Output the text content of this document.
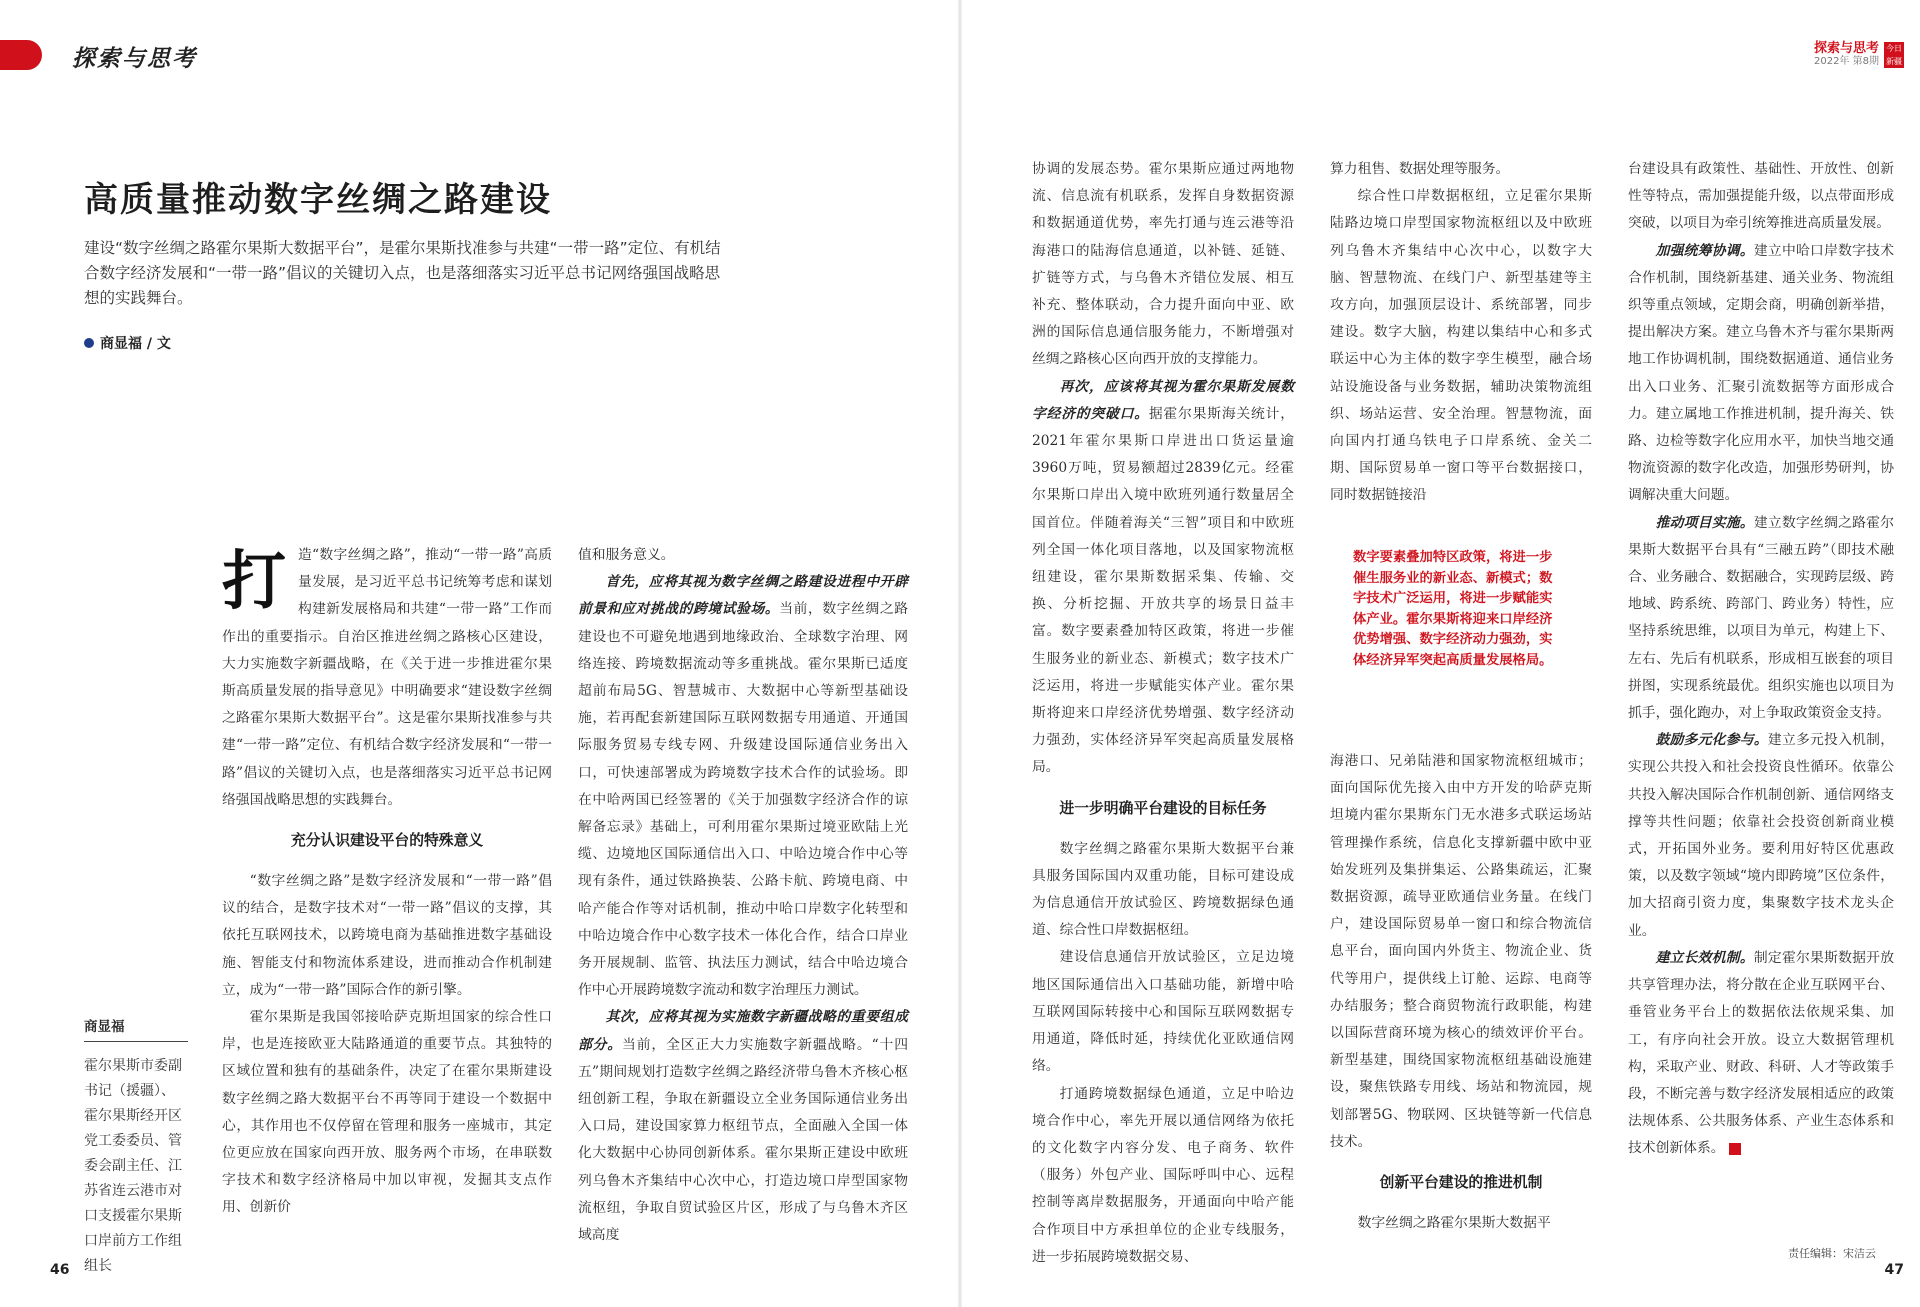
探索与思考	探索与思考
2022年 第8期
今日
新疆
高质量推动数字丝绸之路建设

建设“数字丝绸之路霍尔果斯大数据平台”，是霍尔果斯找准参与共建“一带一路”定位、有机结合数字经济发展和“一带一路”倡议的关键切入点，也是落细落实习近平总书记网络强国战略思想的实践舞台。

商显福 / 文
打 造“数字丝绸之路”，推动“一带一路”高质量发展，是习近平总书记统筹考虑和谋划构建新发展格局和共建“一带一路”工作而作出的重要指示。自治区推进丝绸之路核心区建设，大力实施数字新疆战略，在《关于进一步推进霍尔果斯高质量发展的指导意见》中明确要求“建设数字丝绸之路霍尔果斯大数据平台”。这是霍尔果斯找准参与共建“一带一路”定位、有机结合数字经济发展和“一带一路”倡议的关键切入点，也是落细落实习近平总书记网络强国战略思想的实践舞台。

充分认识建设平台的特殊意义

“数字丝绸之路”是数字经济发展和“一带一路”倡议的结合，是数字技术对“一带一路”倡议的支撑，其依托互联网技术，以跨境电商为基础推进数字基础设施、智能支付和物流体系建设，进而推动合作机制建立，成为“一带一路”国际合作的新引擎。

霍尔果斯是我国邻接哈萨克斯坦国家的综合性口岸，也是连接欧亚大陆路通道的重要节点。其独特的区域位置和独有的基础条件，决定了在霍尔果斯建设数字丝绸之路大数据平台不再等同于建设一个数据中心，其作用也不仅停留在管理和服务一座城市，其定位更应放在国家向西开放、服务两个市场，在串联数字技术和数字经济格局中加以审视，发掘其支点作用、创新价

值和服务意义。

首先，应将其视为数字丝绸之路建设进程中开辟前景和应对挑战的跨境试验场。当前，数字丝绸之路建设也不可避免地遇到地缘政治、全球数字治理、网络连接、跨境数据流动等多重挑战。霍尔果斯已适度超前布局5G、智慧城市、大数据中心等新型基础设施，若再配套新建国际互联网数据专用通道、开通国际服务贸易专线专网、升级建设国际通信业务出入口，可快速部署成为跨境数字技术合作的试验场。即在中哈两国已经签署的《关于加强数字经济合作的谅解备忘录》基础上，可利用霍尔果斯过境亚欧陆上光缆、边境地区国际通信出入口、中哈边境合作中心等现有条件，通过铁路换装、公路卡航、跨境电商、中哈产能合作等对话机制，推动中哈口岸数字化转型和中哈边境合作中心数字技术一体化合作，结合口岸业务开展规制、监管、执法压力测试，结合中哈边境合作中心开展跨境数字流动和数字治理压力测试。

其次，应将其视为实施数字新疆战略的重要组成部分。当前，全区正大力实施数字新疆战略。“十四五”期间规划打造数字丝绸之路经济带乌鲁木齐核心枢纽创新工程，争取在新疆设立全业务国际通信业务出入口局，建设国家算力枢纽节点，全面融入全国一体化大数据中心协同创新体系。霍尔果斯正建设中欧班列乌鲁木齐集结中心次中心，打造边境口岸型国家物流枢纽，争取自贸试验区片区，形成了与乌鲁木齐区域高度

协调的发展态势。霍尔果斯应通过两地物流、信息流有机联系，发挥自身数据资源和数据通道优势，率先打通与连云港等沿海港口的陆海信息通道，以补链、延链、扩链等方式，与乌鲁木齐错位发展、相互补充、整体联动，合力提升面向中亚、欧洲的国际信息通信服务能力，不断增强对丝绸之路核心区向西开放的支撑能力。

再次，应该将其视为霍尔果斯发展数字经济的突破口。据霍尔果斯海关统计，2021年霍尔果斯口岸进出口货运量逾3960万吨，贸易额超过2839亿元。经霍尔果斯口岸出入境中欧班列通行数量居全国首位。伴随着海关“三智”项目和中欧班列全国一体化项目落地，以及国家物流枢纽建设，霍尔果斯数据采集、传输、交换、分析挖掘、开放共享的场景日益丰富。数字要素叠加特区政策，将进一步催生服务业的新业态、新模式；数字技术广泛运用，将进一步赋能实体产业。霍尔果斯将迎来口岸经济优势增强、数字经济动力强劲，实体经济异军突起高质量发展格局。

进一步明确平台建设的目标任务

数字丝绸之路霍尔果斯大数据平台兼具服务国际国内双重功能，目标可建设成为信息通信开放试验区、跨境数据绿色通道、综合性口岸数据枢纽。

建设信息通信开放试验区，立足边境地区国际通信出入口基础功能，新增中哈互联网国际转接中心和国际互联网数据专用通道，降低时延，持续优化亚欧通信网络。

打通跨境数据绿色通道，立足中哈边境合作中心，率先开展以通信网络为依托的文化数字内容分发、电子商务、软件（服务）外包产业、国际呼叫中心、远程控制等离岸数据服务，开通面向中哈产能合作项目中方承担单位的企业专线服务，进一步拓展跨境数据交易、

算力租售、数据处理等服务。

综合性口岸数据枢纽，立足霍尔果斯陆路边境口岸型国家物流枢纽以及中欧班列乌鲁木齐集结中心次中心，以数字大脑、智慧物流、在线门户、新型基建等主攻方向，加强顶层设计、系统部署，同步建设。数字大脑，构建以集结中心和多式联运中心为主体的数字孪生模型，融合场站设施设备与业务数据，辅助决策物流组织、场站运营、安全治理。智慧物流，面向国内打通乌铁电子口岸系统、金关二期、国际贸易单一窗口等平台数据接口，同时数据链接沿

数字要素叠加特区政策，将进一步催生服务业的新业态、新模式；数字技术广泛运用，将进一步赋能实体产业。霍尔果斯将迎来口岸经济优势增强、数字经济动力强劲，实体经济异军突起高质量发展格局。

海港口、兄弟陆港和国家物流枢纽城市；面向国际优先接入由中方开发的哈萨克斯坦境内霍尔果斯东门无水港多式联运场站管理操作系统，信息化支撑新疆中欧中亚始发班列及集拼集运、公路集疏运，汇聚数据资源，疏导亚欧通信业务量。在线门户，建设国际贸易单一窗口和综合物流信息平台，面向国内外货主、物流企业、货代等用户，提供线上订舱、运踪、电商等办结服务；整合商贸物流行政职能，构建以国际营商环境为核心的绩效评价平台。新型基建，围绕国家物流枢纽基础设施建设，聚焦铁路专用线、场站和物流园，规划部署5G、物联网、区块链等新一代信息技术。

创新平台建设的推进机制

数字丝绸之路霍尔果斯大数据平

台建设具有政策性、基础性、开放性、创新性等特点，需加强提能升级，以点带面形成突破，以项目为牵引统筹推进高质量发展。

加强统筹协调。建立中哈口岸数字技术合作机制，围绕新基建、通关业务、物流组织等重点领域，定期会商，明确创新举措，提出解决方案。建立乌鲁木齐与霍尔果斯两地工作协调机制，围绕数据通道、通信业务出入口业务、汇聚引流数据等方面形成合力。建立属地工作推进机制，提升海关、铁路、边检等数字化应用水平，加快当地交通物流资源的数字化改造，加强形势研判，协调解决重大问题。

推动项目实施。建立数字丝绸之路霍尔果斯大数据平台具有“三融五跨”（即技术融合、业务融合、数据融合，实现跨层级、跨地域、跨系统、跨部门、跨业务）特性，应坚持系统思维，以项目为单元，构建上下、左右、先后有机联系，形成相互嵌套的项目拼图，实现系统最优。组织实施也以项目为抓手，强化跑办，对上争取政策资金支持。

鼓励多元化参与。建立多元投入机制，实现公共投入和社会投资良性循环。依靠公共投入解决国际合作机制创新、通信网络支撑等共性问题；依靠社会投资创新商业模式，开拓国外业务。要利用好特区优惠政策，以及数字领域“境内即跨境”区位条件，加大招商引资力度，集聚数字技术龙头企业。

建立长效机制。制定霍尔果斯数据开放共享管理办法，将分散在企业互联网平台、垂管业务平台上的数据依法依规采集、加工，有序向社会开放。设立大数据管理机构，采取产业、财政、科研、人才等政策手段，不断完善与数字经济发展相适应的政策法规体系、公共服务体系、产业生态体系和技术创新体系。

商显福

霍尔果斯市委副书记（援疆）、霍尔果斯经开区党工委委员、管委会副主任、江苏省连云港市对口支援霍尔果斯口岸前方工作组组长

46	47
责任编辑：宋洁云
